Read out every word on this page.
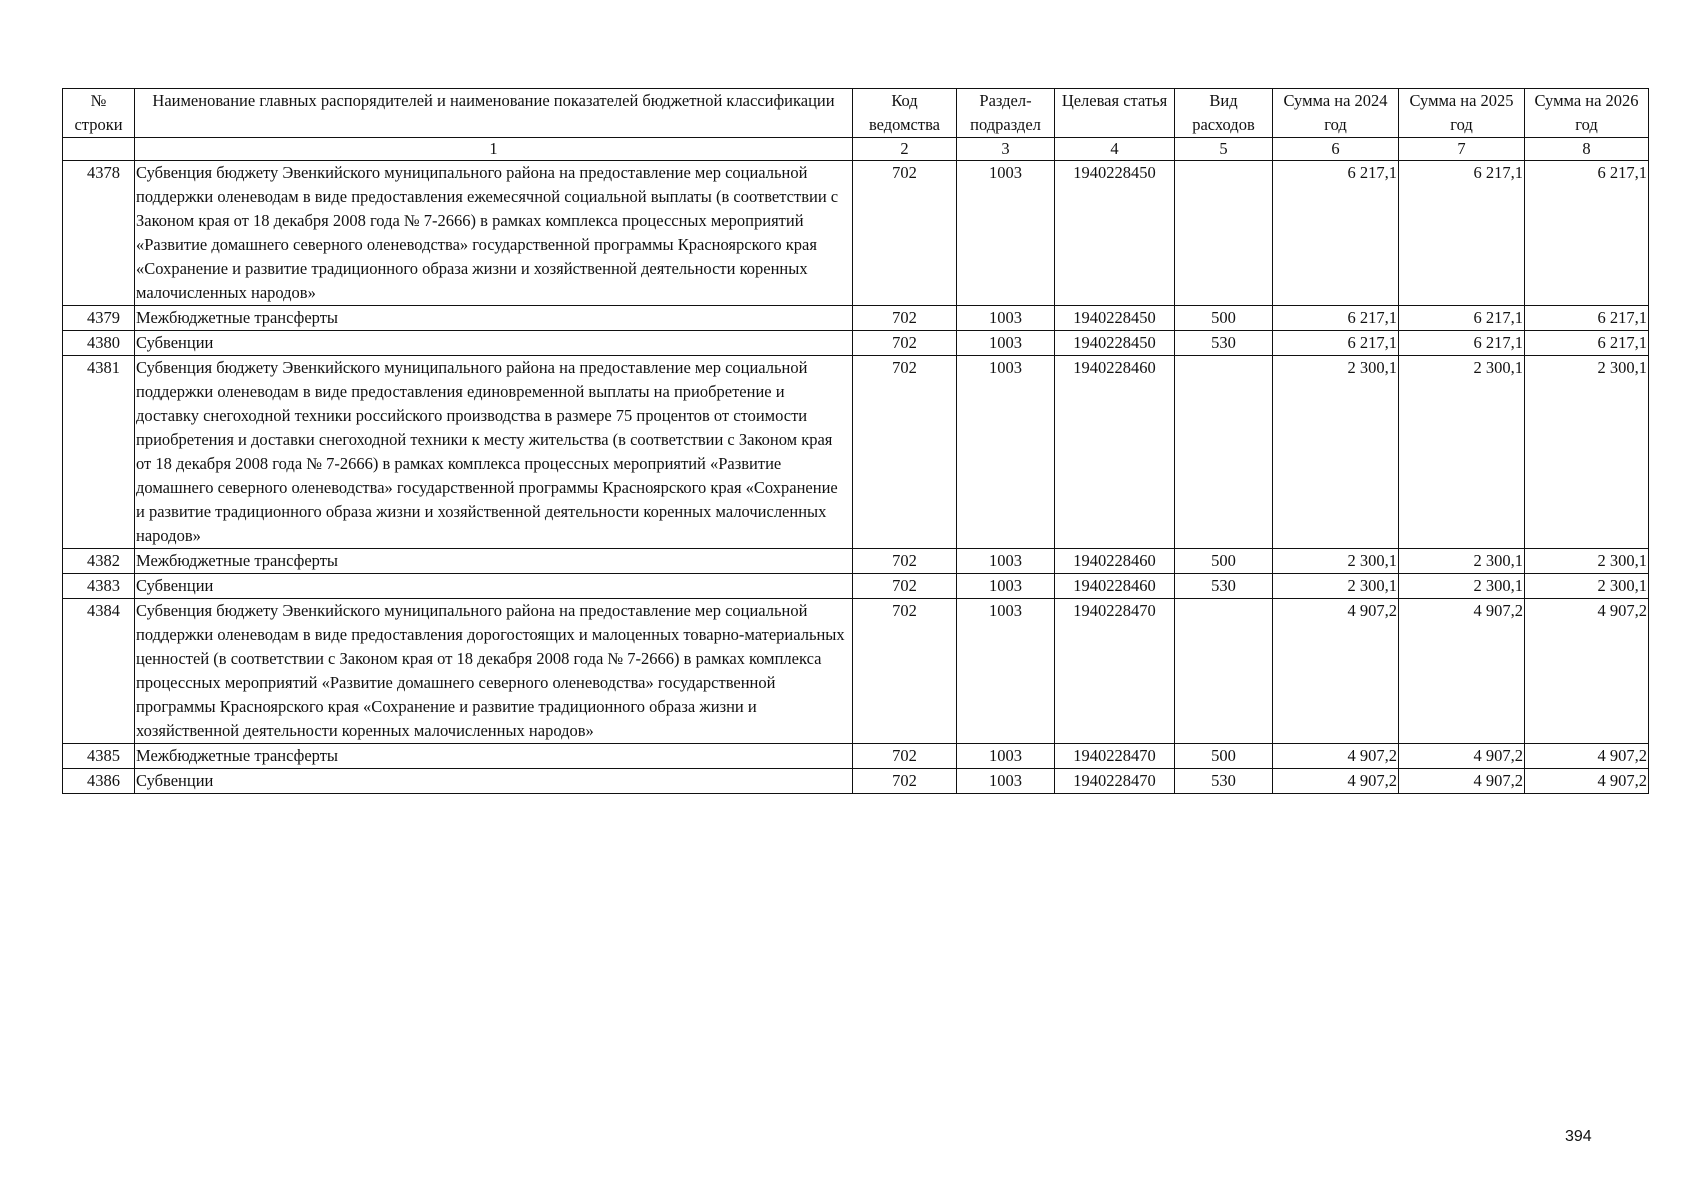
№ строки	Наименование главных распорядителей и наименование показателей бюджетной классификации	Код ведомства	Раздел-подраздел	Целевая статья	Вид расходов	Сумма на 2024 год	Сумма на 2025 год	Сумма на 2026 год
	1	2	3	4	5	6	7	8
4378	Субвенция бюджету Эвенкийского муниципального района на предоставление мер социальной поддержки оленеводам в виде предоставления ежемесячной социальной выплаты (в соответствии с Законом края от 18 декабря 2008 года № 7-2666) в рамках комплекса процессных мероприятий «Развитие домашнего северного оленеводства» государственной программы Красноярского края «Сохранение и развитие традиционного образа жизни и хозяйственной деятельности коренных малочисленных народов»	702	1003	1940228450		6 217,1	6 217,1	6 217,1
4379	Межбюджетные трансферты	702	1003	1940228450	500	6 217,1	6 217,1	6 217,1
4380	Субвенции	702	1003	1940228450	530	6 217,1	6 217,1	6 217,1
4381	Субвенция бюджету Эвенкийского муниципального района на предоставление мер социальной поддержки оленеводам в виде предоставления единовременной выплаты на приобретение и доставку снегоходной техники российского производства в размере 75 процентов от стоимости приобретения и доставки снегоходной техники к месту жительства (в соответствии с Законом края от 18 декабря 2008 года № 7-2666) в рамках комплекса процессных мероприятий «Развитие домашнего северного оленеводства» государственной программы Красноярского края «Сохранение и развитие традиционного образа жизни и хозяйственной деятельности коренных малочисленных народов»	702	1003	1940228460		2 300,1	2 300,1	2 300,1
4382	Межбюджетные трансферты	702	1003	1940228460	500	2 300,1	2 300,1	2 300,1
4383	Субвенции	702	1003	1940228460	530	2 300,1	2 300,1	2 300,1
4384	Субвенция бюджету Эвенкийского муниципального района на предоставление мер социальной поддержки оленеводам в виде предоставления дорогостоящих и малоценных товарно-материальных ценностей (в соответствии с Законом края от 18 декабря 2008 года № 7-2666) в рамках комплекса процессных мероприятий «Развитие домашнего северного оленеводства» государственной программы Красноярского края «Сохранение и развитие традиционного образа жизни и хозяйственной деятельности коренных малочисленных народов»	702	1003	1940228470		4 907,2	4 907,2	4 907,2
4385	Межбюджетные трансферты	702	1003	1940228470	500	4 907,2	4 907,2	4 907,2
4386	Субвенции	702	1003	1940228470	530	4 907,2	4 907,2	4 907,2
394
